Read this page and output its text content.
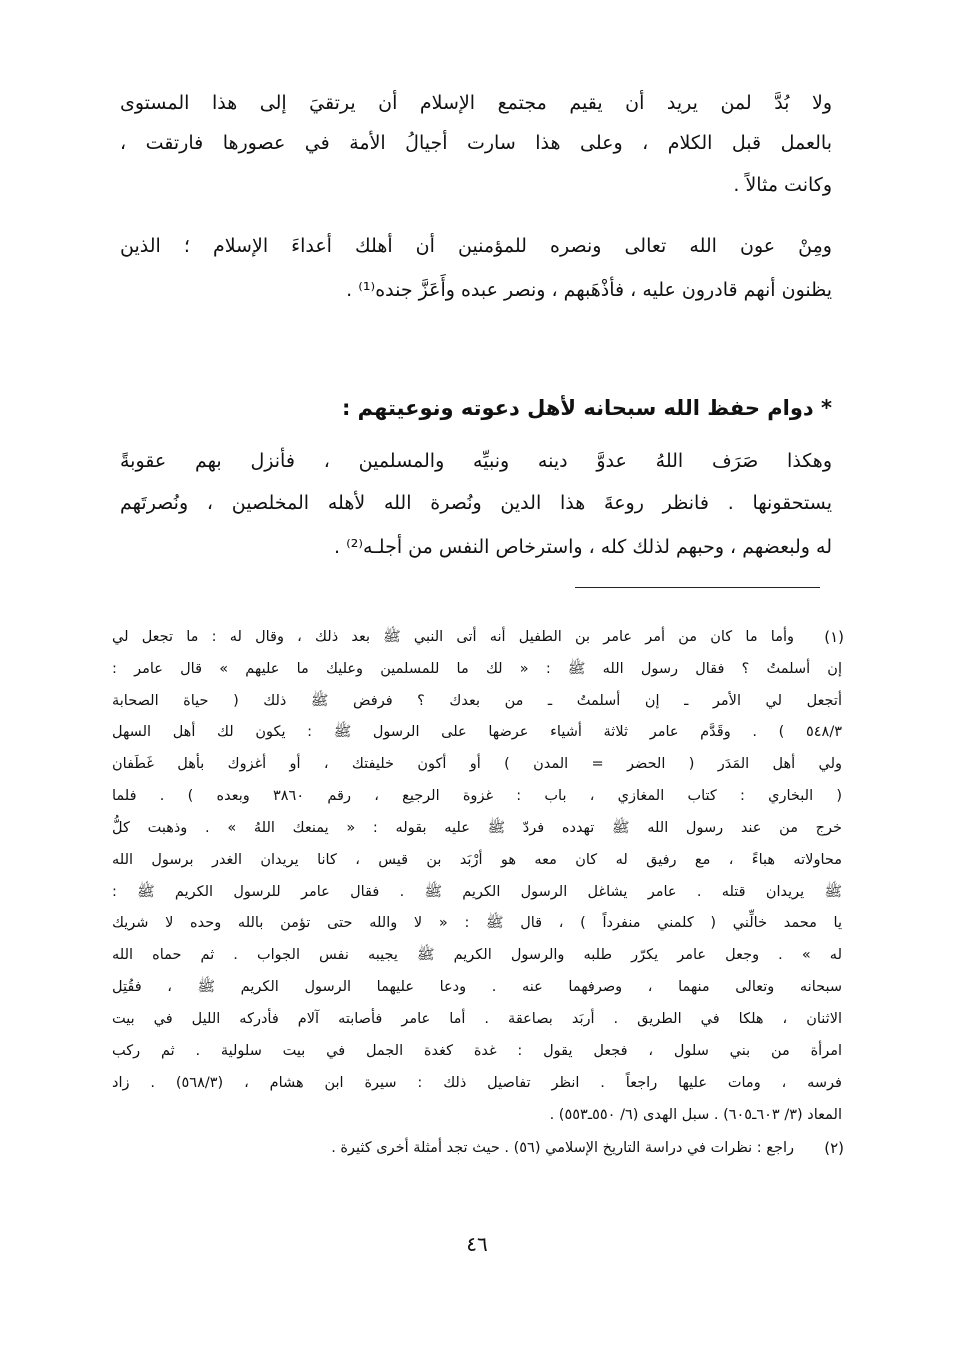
ولا بُدَّ لمن يريد أن يقيم مجتمع الإسلام أن يرتقيَ إلى هذا المستوى
بالعمل قبل الكلام ، وعلى هذا سارت أجيالُ الأمة في عصورها فارتقت ،
وكانت مثالاً .
ومِنْ عون الله تعالى ونصره للمؤمنين أن أهلك أعداءَ الإسلام ؛ الذين
يظنون أنهم قادرون عليه ، فأذْهَبهم ، ونصر عبده وأَعَزَّ جنده⁽¹⁾ .
* دوام حفظ الله سبحانه لأهل دعوته ونوعيتهم :
وهكذا صَرَف اللهُ عدوَّ دينه ونبيِّه والمسلمين ، فأنزل بهم عقوبةً
يستحقونها . فانظر روعةَ هذا الدين ونُصرة الله لأهله المخلصين ، ونُصرتَهم
له ولبعضهم ، وحبهم لذلك كله ، واسترخاص النفس من أجلـه⁽²⁾ .
(١)
وأما ما كان من أمر عامر بن الطفيل أنه أتى النبي ﷺ بعد ذلك ، وقال له : ما تجعل لي
إن أسلمتُ ؟ فقال رسول الله ﷺ : « لك ما للمسلمين وعليك ما عليهم » قال عامر :
أتجعل لي الأمر ـ إن أسلمتُ ـ من بعدك ؟ فرفض ﷺ ذلك ( حياة الصحابة
٥٤٨/٣ ) . وقَدَّم عامر ثلاثة أشياء عرضها على الرسول ﷺ : يكون لك أهل السهل
ولي أهل المَدَر ( الحضر = المدن ) أو أكون خليفتك ، أو أغزوك بأهل غَطَفان
( البخاري : كتاب المغازي ، باب : غزوة الرجيع ، رقم ٣٨٦٠ وبعده ) . فلما
خرج من عند رسول الله ﷺ تهدده فردّ ﷺ عليه بقوله : « يمنعك اللهُ » . وذهبت كلُّ
محاولاته هباءً ، مع رفيق له كان معه هو أرْبَد بن قيس ، كانا يريدان الغدر برسول الله
ﷺ يريدان قتله . عامر يشاغل الرسول الكريم ﷺ . فقال عامر للرسول الكريم ﷺ :
يا محمد خالِّني ( كلمني منفرداً ) ، قال ﷺ : « لا والله حتى تؤمن بالله وحده لا شريك
له » . وجعل عامر يكرّر طلبه والرسول الكريم ﷺ يجيبه نفس الجواب . ثم حماه الله
سبحانه وتعالى منهما ، وصرفهما عنه . ودعا عليهما الرسول الكريم ﷺ ، فقُتِل
الاثنان ، هلكا في الطريق . أربَد بصاعقة . أما عامر فأصابته آلام فأدركه الليل في بيت
امرأة من بني سلول ، فجعل يقول : غدة كغدة الجمل في بيت سلولية . ثم ركب
فرسه ، ومات عليها راجعاً . انظر تفاصيل ذلك : سيرة ابن هشام ، (٥٦٨/٣) . زاد
المعاد (٣/ ٦٠٣ـ٦٠٥) . سبل الهدى (٦/ ٥٥٠ـ٥٥٣) .
(٢)
راجع : نظرات في دراسة التاريخ الإسلامي (٥٦) . حيث تجد أمثلة أخرى كثيرة .
٤٦
